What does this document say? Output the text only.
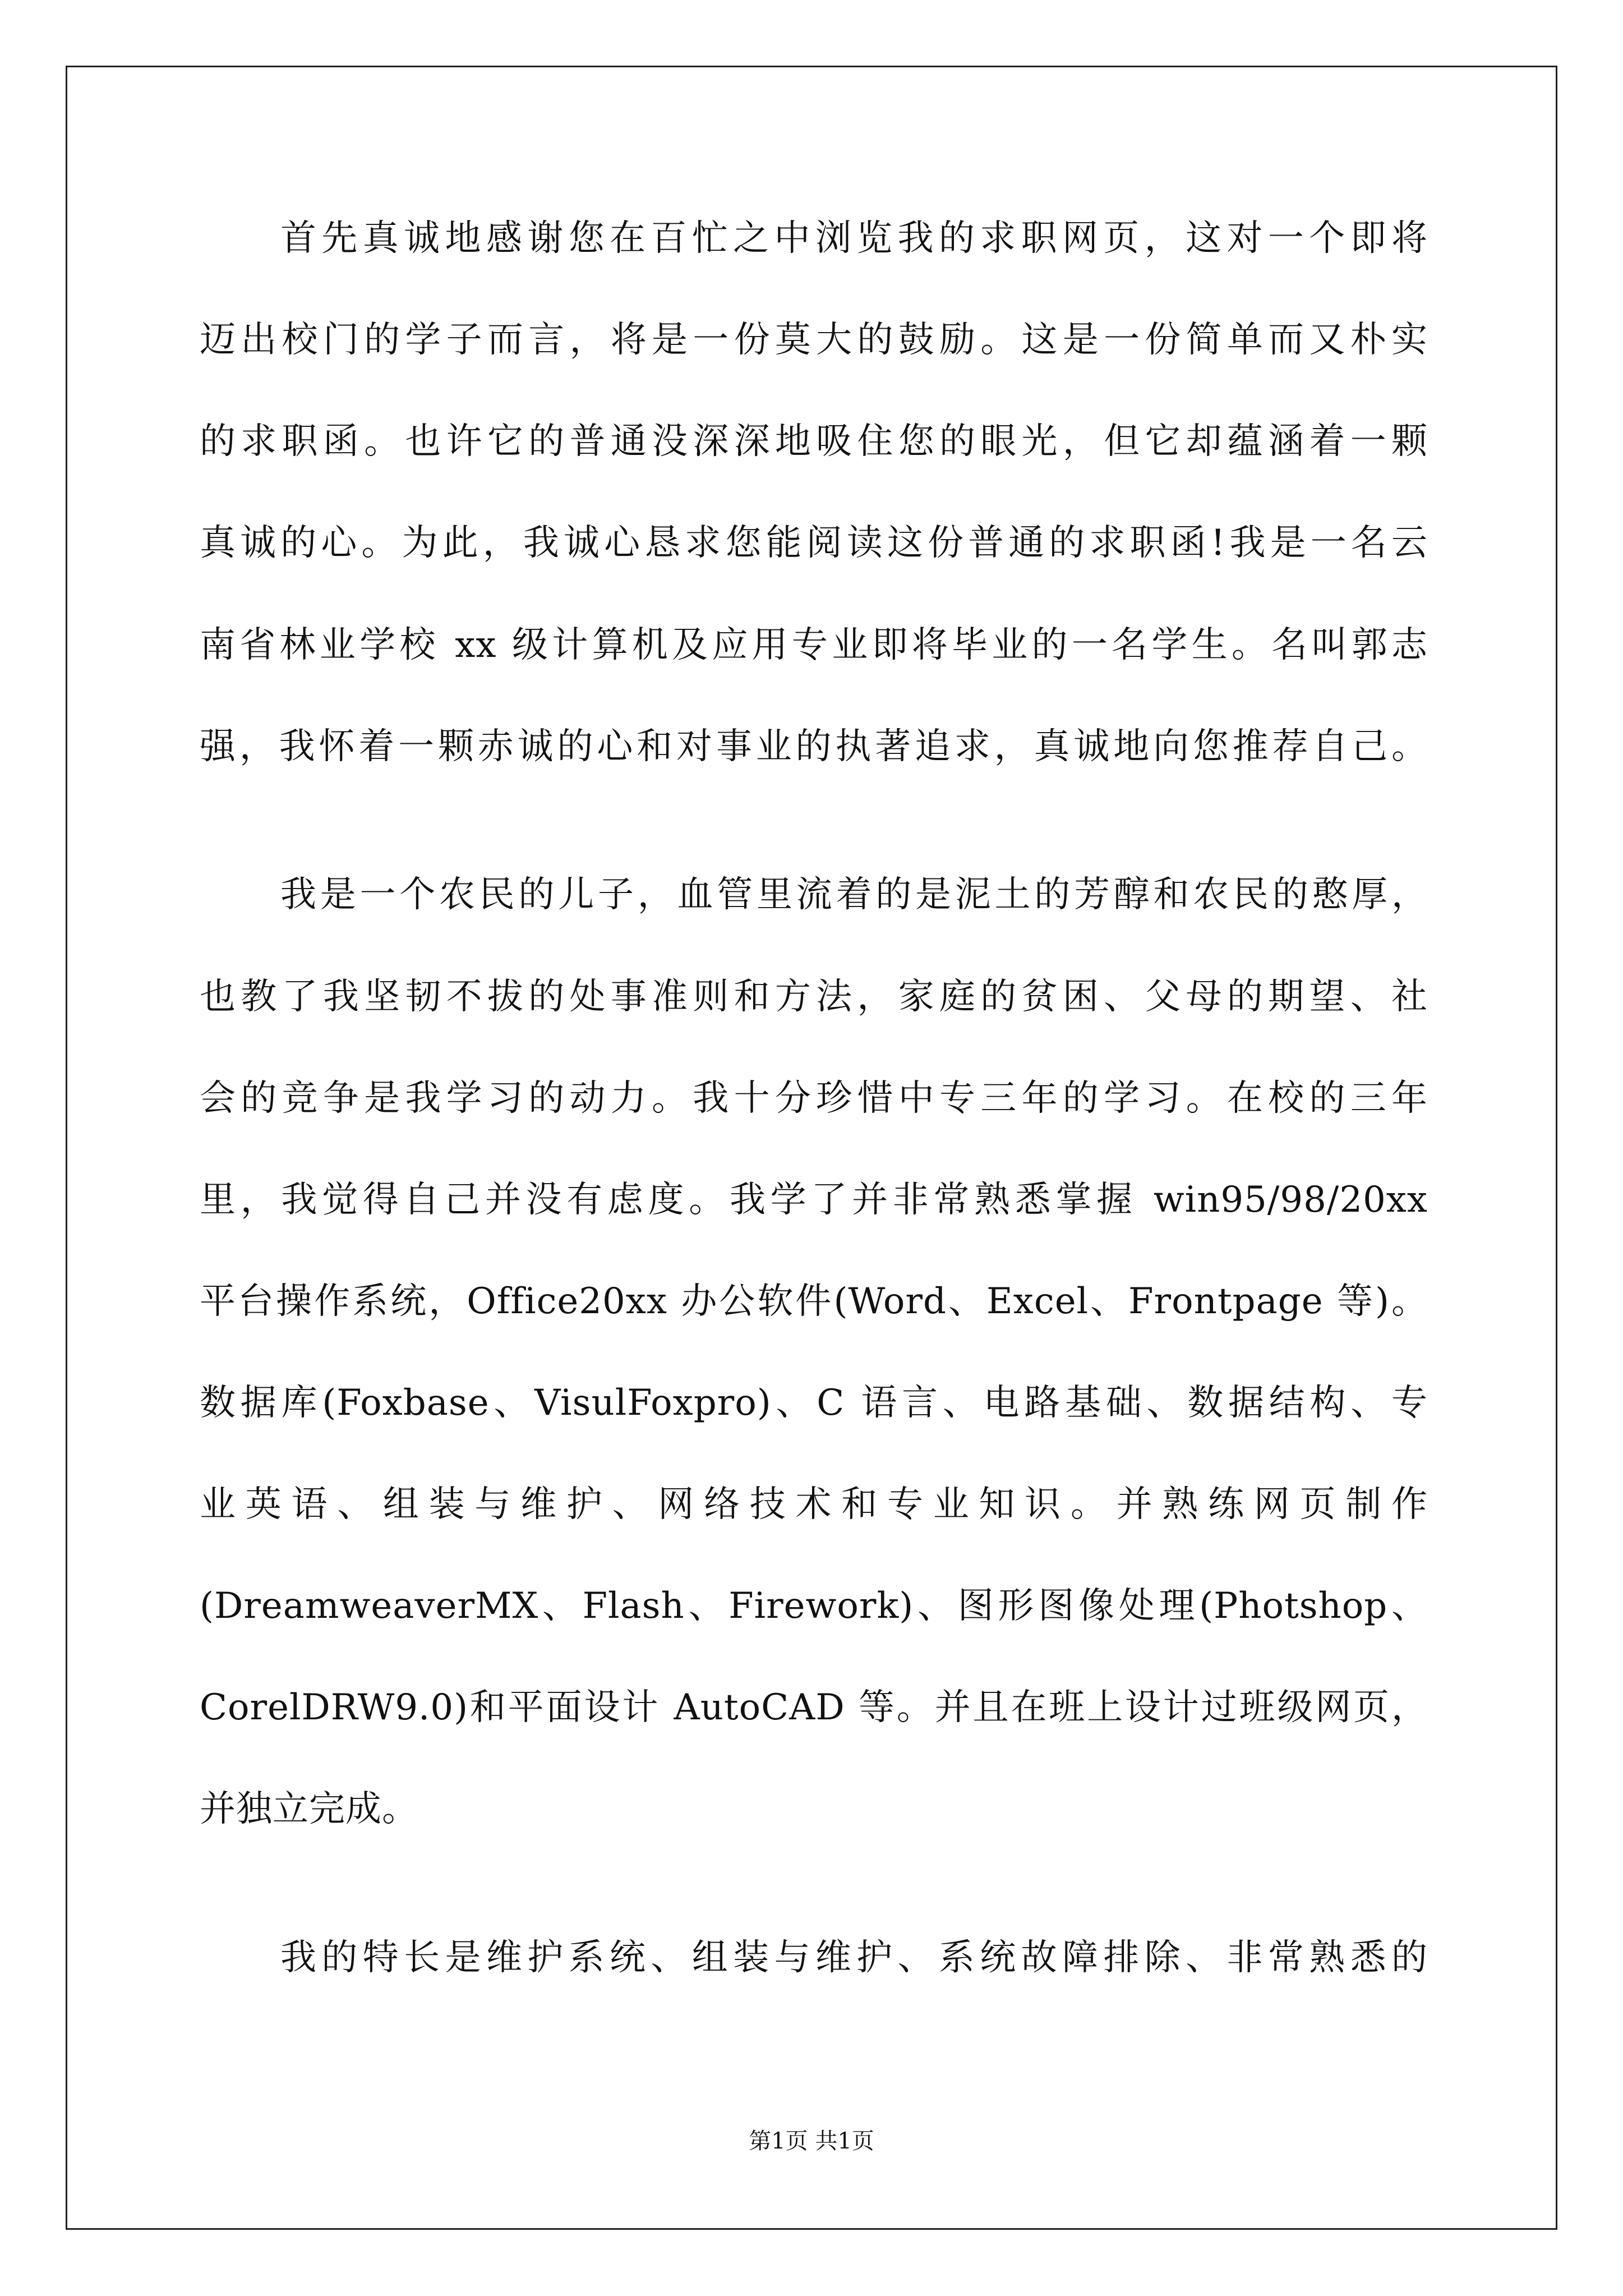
首先真诚地感谢您在百忙之中浏览我的求职网页，这对一个即将
迈出校门的学子而言，将是一份莫大的鼓励。这是一份简单而又朴实
的求职函。也许它的普通没深深地吸住您的眼光，但它却蕴涵着一颗
真诚的心。为此，我诚心恳求您能阅读这份普通的求职函!我是一名云
南省林业学校 xx 级计算机及应用专业即将毕业的一名学生。名叫郭志
强，我怀着一颗赤诚的心和对事业的执著追求，真诚地向您推荐自己。
我是一个农民的儿子，血管里流着的是泥土的芳醇和农民的憨厚，
也教了我坚韧不拔的处事准则和方法，家庭的贫困、父母的期望、社
会的竞争是我学习的动力。我十分珍惜中专三年的学习。在校的三年
里，我觉得自己并没有虑度。我学了并非常熟悉掌握 win95/98/20xx
平台操作系统，Office20xx 办公软件(Word、Excel、Frontpage 等)。
数据库(Foxbase、VisulFoxpro)、C 语言、电路基础、数据结构、专
业英语、组装与维护、网络技术和专业知识。并熟练网页制作
(DreamweaverMX、Flash、Firework)、图形图像处理(Photshop、
CorelDRW9.0)和平面设计 AutoCAD 等。并且在班上设计过班级网页，
并独立完成。
我的特长是维护系统、组装与维护、系统故障排除、非常熟悉的
第1页 共1页
